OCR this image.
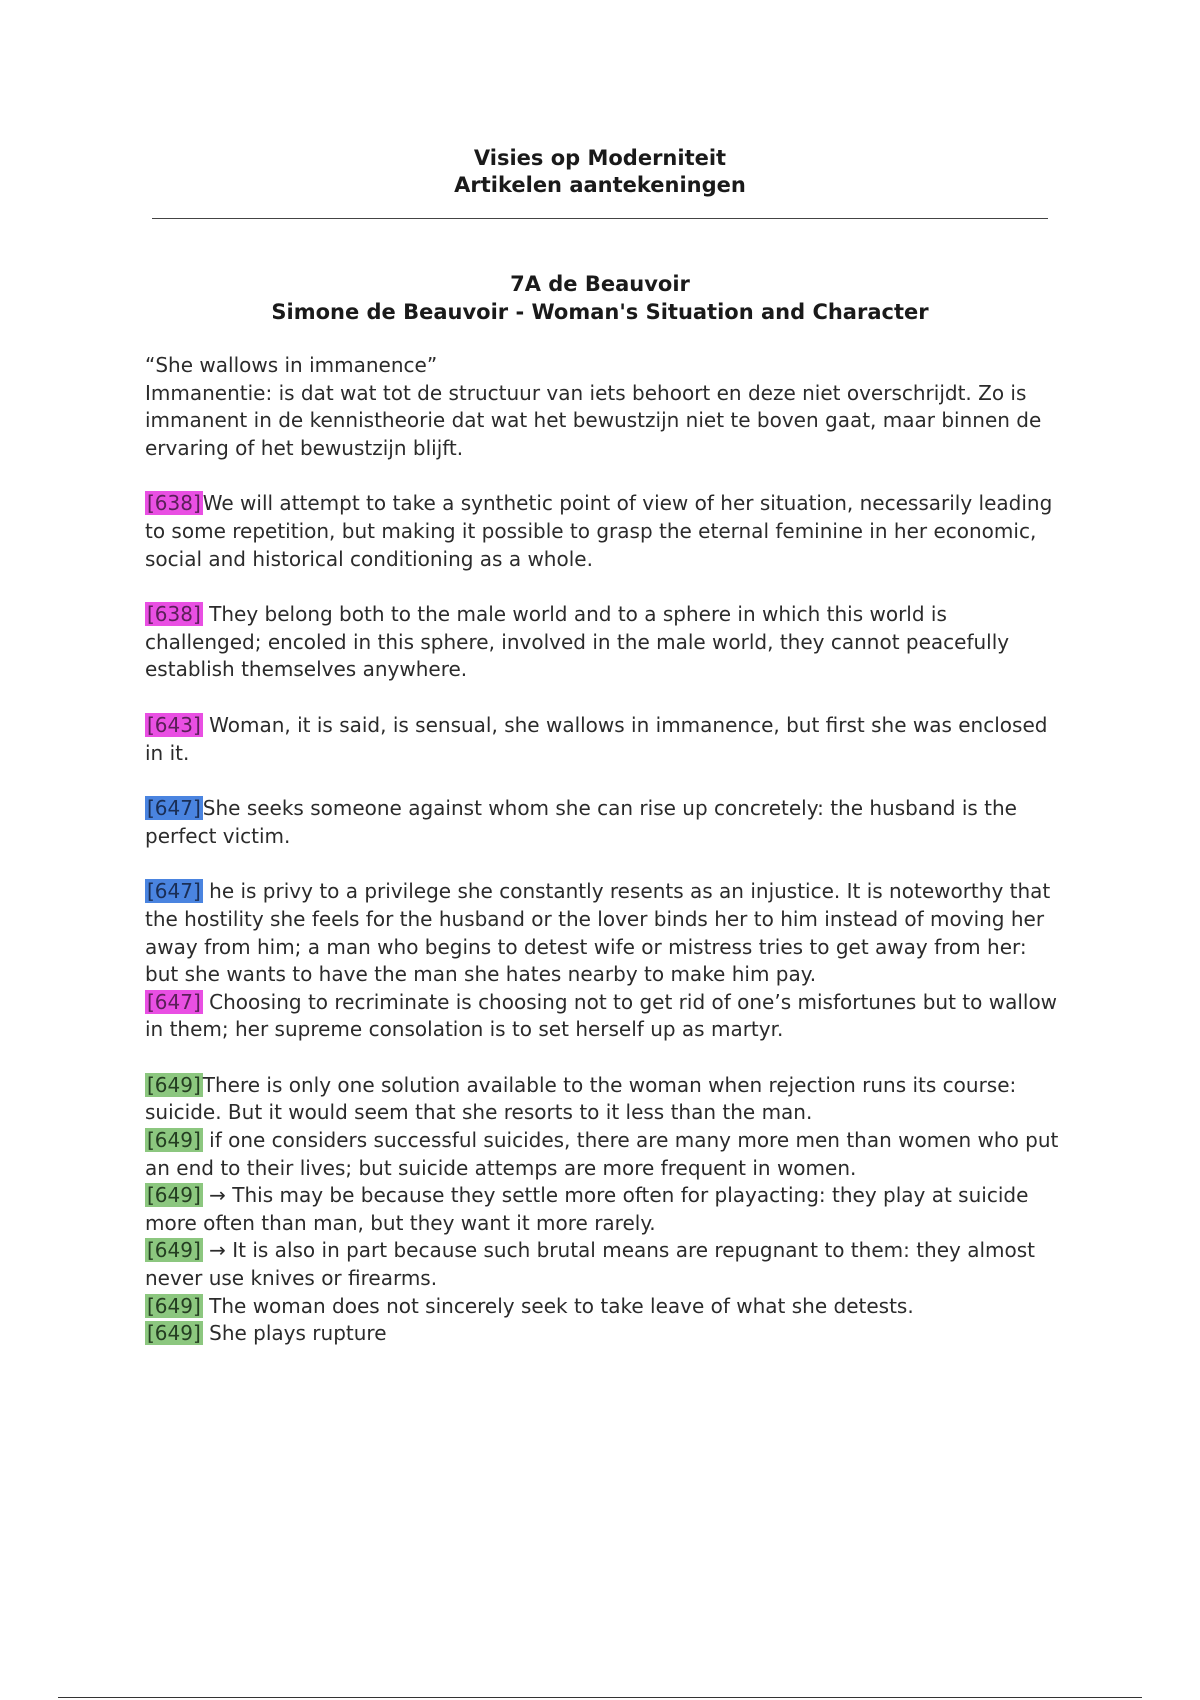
Visies op Moderniteit
Artikelen aantekeningen
7A de Beauvoir
Simone de Beauvoir - Woman's Situation and Character

“She wallows in immanence”

Immanentie: is dat wat tot de structuur van iets behoort en deze niet overschrijdt. Zo is immanent in de kennistheorie dat wat het bewustzijn niet te boven gaat, maar binnen de ervaring of het bewustzijn blijft.

[638] We will attempt to take a synthetic point of view of her situation, necessarily leading to some repetition, but making it possible to grasp the eternal feminine in her economic, social and historical conditioning as a whole.

[638] They belong both to the male world and to a sphere in which this world is challenged; encoled in this sphere, involved in the male world, they cannot peacefully establish themselves anywhere.

[643] Woman, it is said, is sensual, she wallows in immanence, but first she was enclosed in it.

[647] She seeks someone against whom she can rise up concretely: the husband is the perfect victim.

[647] he is privy to a privilege she constantly resents as an injustice. It is noteworthy that the hostility she feels for the husband or the lover binds her to him instead of moving her away from him; a man who begins to detest wife or mistress tries to get away from her: but she wants to have the man she hates nearby to make him pay.

[647] Choosing to recriminate is choosing not to get rid of one’s misfortunes but to wallow in them; her supreme consolation is to set herself up as martyr.

[649] There is only one solution available to the woman when rejection runs its course: suicide. But it would seem that she resorts to it less than the man.

[649] if one considers successful suicides, there are many more men than women who put an end to their lives; but suicide attemps are more frequent in women.

[649] → This may be because they settle more often for playacting: they play at suicide more often than man, but they want it more rarely.

[649] → It is also in part because such brutal means are repugnant to them: they almost never use knives or firearms.

[649] The woman does not sincerely seek to take leave of what she detests.

[649] She plays rupture
